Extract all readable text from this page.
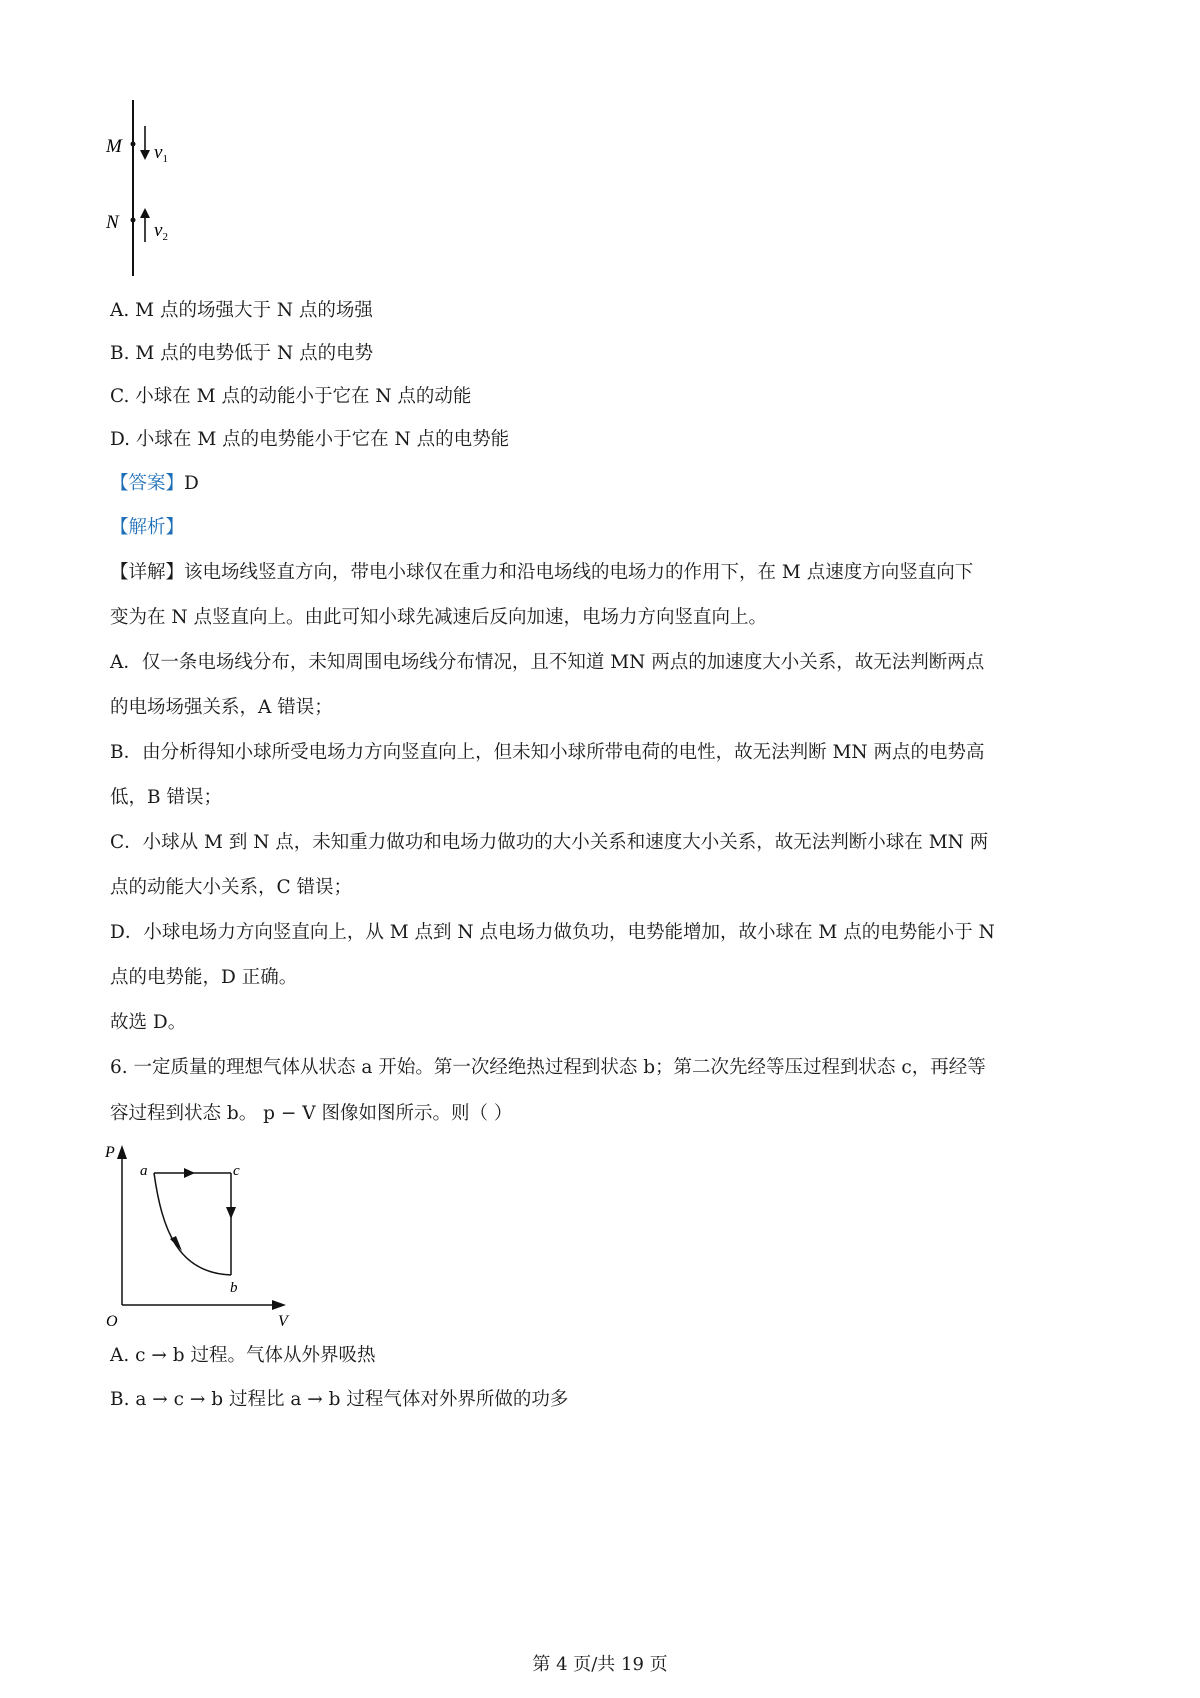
M
N
$v_1$
$v_2$
A. M 点的场强大于 N 点的场强
B. M 点的电势低于 N 点的电势
C. 小球在 M 点的动能小于它在 N 点的动能
D. 小球在 M 点的电势能小于它在 N 点的电势能
【答案】D
【解析】
【详解】该电场线竖直方向，带电小球仅在重力和沿电场线的电场力的作用下，在 M 点速度方向竖直向下
变为在 N 点竖直向上。由此可知小球先减速后反向加速，电场力方向竖直向上。
A．仅一条电场线分布，未知周围电场线分布情况，且不知道 MN 两点的加速度大小关系，故无法判断两点
的电场场强关系，A 错误；
B．由分析得知小球所受电场力方向竖直向上，但未知小球所带电荷的电性，故无法判断 MN 两点的电势高
低，B 错误；
C．小球从 M 到 N 点，未知重力做功和电场力做功的大小关系和速度大小关系，故无法判断小球在 MN 两
点的动能大小关系，C 错误；
D．小球电场力方向竖直向上，从 M 点到 N 点电场力做负功，电势能增加，故小球在 M 点的电势能小于 N
点的电势能，D 正确。
故选 D。
6. 一定质量的理想气体从状态 a 开始。第一次经绝热过程到状态 b；第二次先经等压过程到状态 c，再经等
容过程到状态 b。 p − V 图像如图所示。则（ ）
P
V
O
a	c
b
A. c → b 过程。气体从外界吸热
B. a → c → b 过程比 a → b 过程气体对外界所做的功多
第 4 页/共 19 页
